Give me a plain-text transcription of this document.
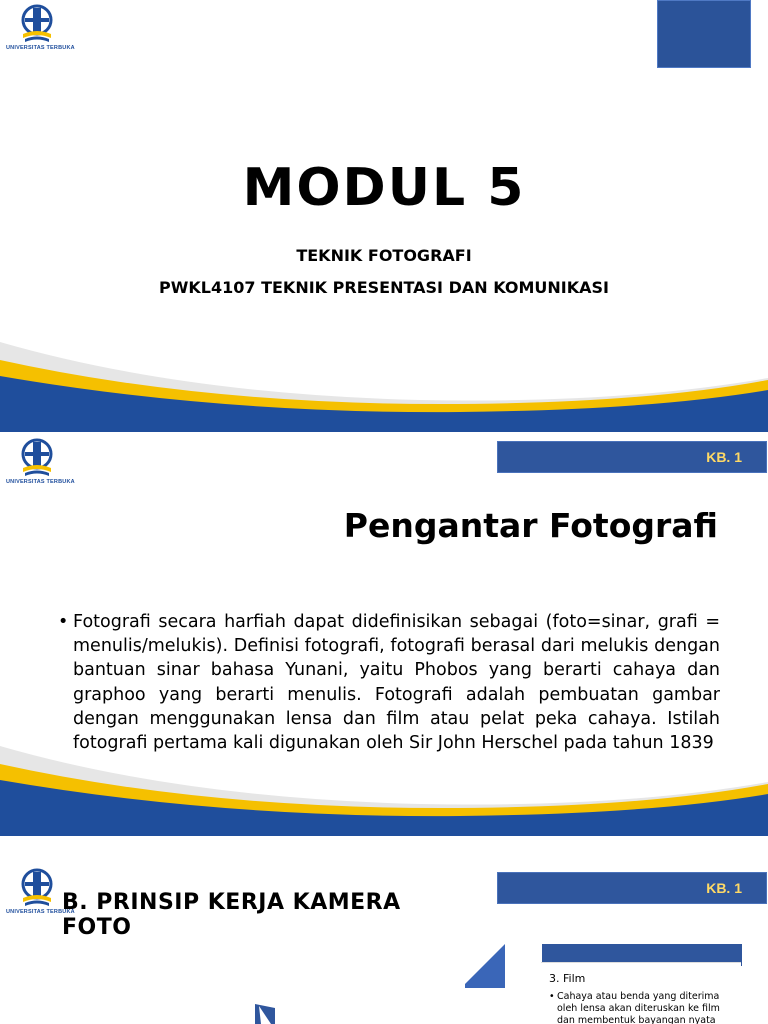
UNIVERSITAS TERBUKA
MODUL 5
TEKNIK FOTOGRAFI
PWKL4107 TEKNIK PRESENTASI DAN KOMUNIKASI
UNIVERSITAS TERBUKA
KB. 1
Pengantar Fotografi
• Fotografi secara harfiah dapat didefinisikan sebagai (foto=sinar, grafi = menulis/melukis). Definisi fotografi, fotografi berasal dari melukis dengan bantuan sinar bahasa Yunani, yaitu Phobos yang berarti cahaya dan graphoo yang berarti menulis. Fotografi adalah pembuatan gambar dengan menggunakan lensa dan film atau pelat peka cahaya. Istilah fotografi pertama kali digunakan oleh Sir John Herschel pada tahun 1839
UNIVERSITAS TERBUKA
KB. 1
B. PRINSIP KERJA KAMERA FOTO
3. Film
• Cahaya atau benda yang diterima oleh lensa akan diteruskan ke film dan membentuk bayangan nyata
